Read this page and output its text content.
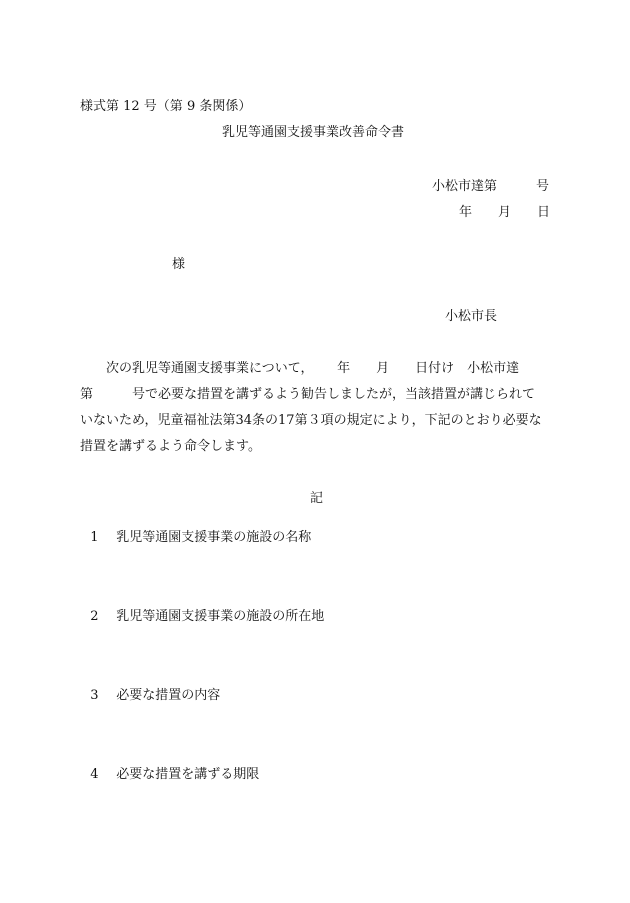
様式第 12 号（第 9 条関係）
乳児等通園支援事業改善命令書
小松市達第　　　号
年　　月　　日
様
小松市長
　　次の乳児等通園支援事業について，　　 年　　月　　日付け　小松市達
第　　　号で必要な措置を講ずるよう勧告しましたが，当該措置が講じられて
いないため，児童福祉法第34条の17第３項の規定により，下記のとおり必要な
措置を講ずるよう命令します。
記

1 乳児等通園支援事業の施設の名称

2 乳児等通園支援事業の施設の所在地

3 必要な措置の内容

4 必要な措置を講ずる期限
